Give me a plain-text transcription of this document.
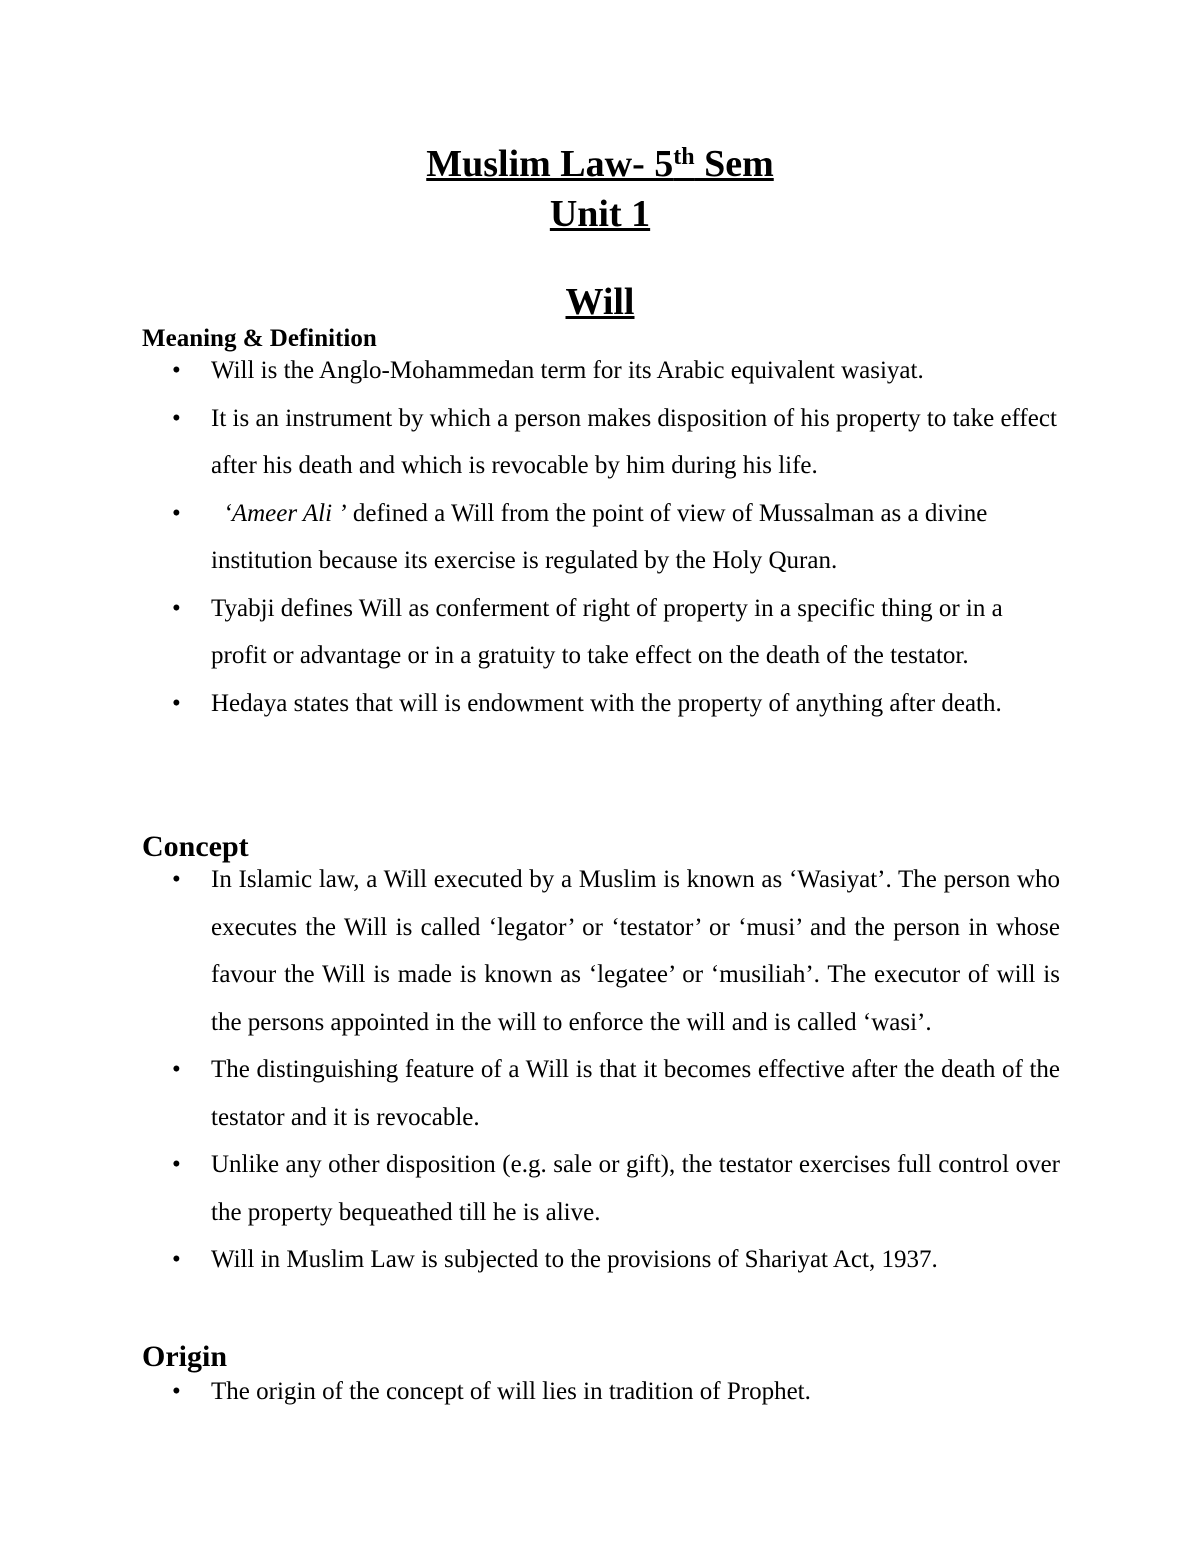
Muslim Law- 5th Sem
Unit 1
Will
Meaning & Definition
•	Will is the Anglo-Mohammedan term for its Arabic equivalent wasiyat.
•	It is an instrument by which a person makes disposition of his property to take effect after his death and which is revocable by him during his life.
•	‘Ameer Ali ’ defined a Will from the point of view of Mussalman as a divine institution because its exercise is regulated by the Holy Quran.
•	Tyabji defines Will as conferment of right of property in a specific thing or in a profit or advantage or in a gratuity to take effect on the death of the testator.
•	Hedaya states that will is endowment with the property of anything after death.
Concept
•	In Islamic law, a Will executed by a Muslim is known as ‘Wasiyat’. The person who executes the Will is called ‘legator’ or ‘testator’ or ‘musi’ and the person in whose favour the Will is made is known as ‘legatee’ or ‘musiliah’. The executor of will is the persons appointed in the will to enforce the will and is called ‘wasi’.
•	The distinguishing feature of a Will is that it becomes effective after the death of the testator and it is revocable.
•	Unlike any other disposition (e.g. sale or gift), the testator exercises full control over the property bequeathed till he is alive.
•	Will in Muslim Law is subjected to the provisions of Shariyat Act, 1937.
Origin
•	The origin of the concept of will lies in tradition of Prophet.
